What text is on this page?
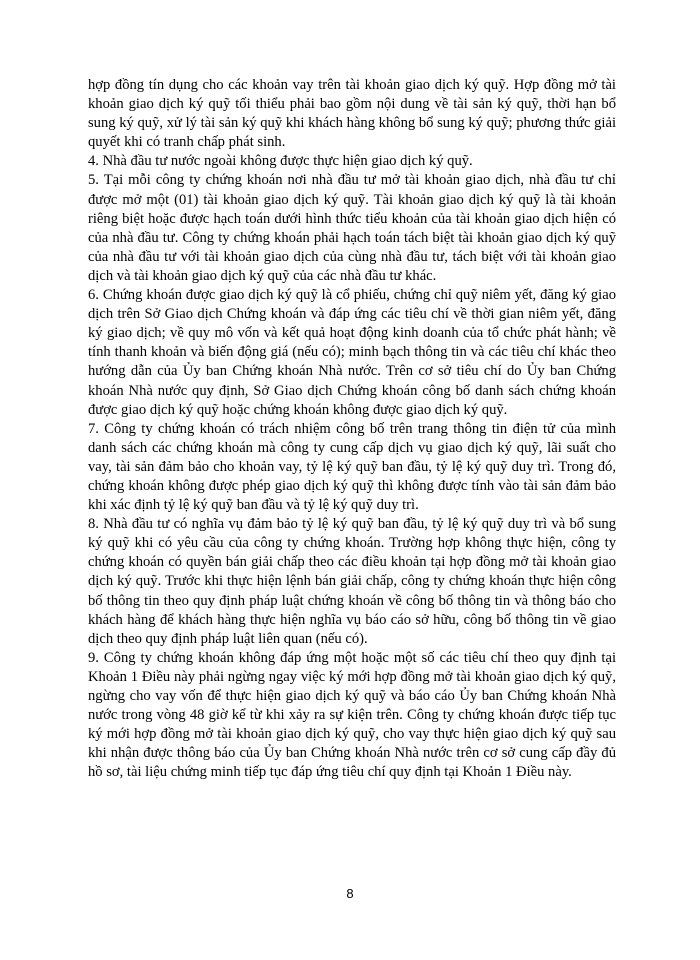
hợp đồng tín dụng cho các khoản vay trên tài khoản giao dịch ký quỹ. Hợp đồng mở tài khoản giao dịch ký quỹ tối thiểu phải bao gồm nội dung về tài sản ký quỹ, thời hạn bổ sung ký quỹ, xử lý tài sản ký quỹ khi khách hàng không bổ sung ký quỹ; phương thức giải quyết khi có tranh chấp phát sinh.

4. Nhà đầu tư nước ngoài không được thực hiện giao dịch ký quỹ.

5. Tại mỗi công ty chứng khoán nơi nhà đầu tư mở tài khoản giao dịch, nhà đầu tư chỉ được mở một (01) tài khoản giao dịch ký quỹ. Tài khoản giao dịch ký quỹ là tài khoản riêng biệt hoặc được hạch toán dưới hình thức tiểu khoản của tài khoản giao dịch hiện có của nhà đầu tư. Công ty chứng khoán phải hạch toán tách biệt tài khoản giao dịch ký quỹ của nhà đầu tư với tài khoản giao dịch của cùng nhà đầu tư, tách biệt với tài khoản giao dịch và tài khoản giao dịch ký quỹ của các nhà đầu tư khác.

6. Chứng khoán được giao dịch ký quỹ là cổ phiếu, chứng chỉ quỹ niêm yết, đăng ký giao dịch trên Sở Giao dịch Chứng khoán và đáp ứng các tiêu chí về thời gian niêm yết, đăng ký giao dịch; về quy mô vốn và kết quả hoạt động kinh doanh của tổ chức phát hành; về tính thanh khoản và biến động giá (nếu có); minh bạch thông tin và các tiêu chí khác theo hướng dẫn của Ủy ban Chứng khoán Nhà nước. Trên cơ sở tiêu chí do Ủy ban Chứng khoán Nhà nước quy định, Sở Giao dịch Chứng khoán công bố danh sách chứng khoán được giao dịch ký quỹ hoặc chứng khoán không được giao dịch ký quỹ.

7. Công ty chứng khoán có trách nhiệm công bố trên trang thông tin điện tử của mình danh sách các chứng khoán mà công ty cung cấp dịch vụ giao dịch ký quỹ, lãi suất cho vay, tài sản đảm bảo cho khoản vay, tỷ lệ ký quỹ ban đầu, tỷ lệ ký quỹ duy trì. Trong đó, chứng khoán không được phép giao dịch ký quỹ thì không được tính vào tài sản đảm bảo khi xác định tỷ lệ ký quỹ ban đầu và tỷ lệ ký quỹ duy trì.

8. Nhà đầu tư có nghĩa vụ đảm bảo tỷ lệ ký quỹ ban đầu, tỷ lệ ký quỹ duy trì và bổ sung ký quỹ khi có yêu cầu của công ty chứng khoán. Trường hợp không thực hiện, công ty chứng khoán có quyền bán giải chấp theo các điều khoản tại hợp đồng mở tài khoản giao dịch ký quỹ. Trước khi thực hiện lệnh bán giải chấp, công ty chứng khoán thực hiện công bố thông tin theo quy định pháp luật chứng khoán về công bố thông tin và thông báo cho khách hàng để khách hàng thực hiện nghĩa vụ báo cáo sở hữu, công bố thông tin về giao dịch theo quy định pháp luật liên quan (nếu có).

9. Công ty chứng khoán không đáp ứng một hoặc một số các tiêu chí theo quy định tại Khoản 1 Điều này phải ngừng ngay việc ký mới hợp đồng mở tài khoản giao dịch ký quỹ, ngừng cho vay vốn để thực hiện giao dịch ký quỹ và báo cáo Ủy ban Chứng khoán Nhà nước trong vòng 48 giờ kể từ khi xảy ra sự kiện trên. Công ty chứng khoán được tiếp tục ký mới hợp đồng mở tài khoản giao dịch ký quỹ, cho vay thực hiện giao dịch ký quỹ sau khi nhận được thông báo của Ủy ban Chứng khoán Nhà nước trên cơ sở cung cấp đầy đủ hồ sơ, tài liệu chứng minh tiếp tục đáp ứng tiêu chí quy định tại Khoản 1 Điều này.

8
